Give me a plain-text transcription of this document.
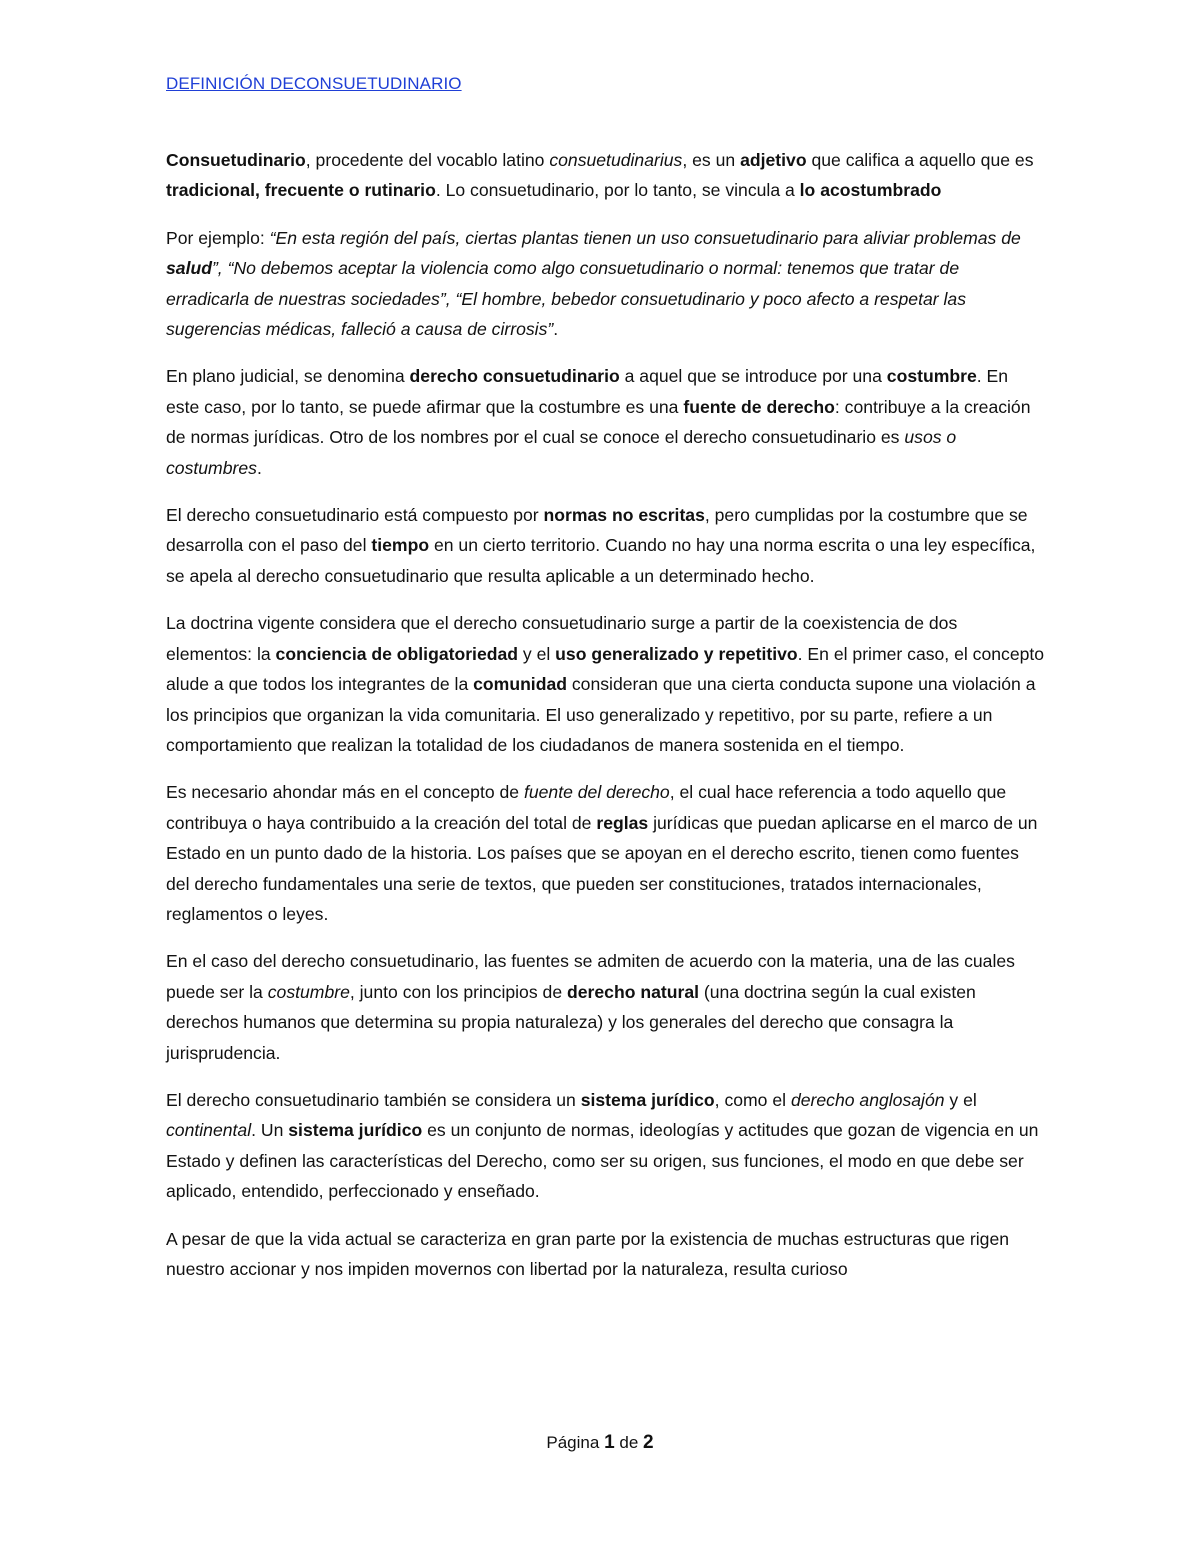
DEFINICIÓN DECONSUETUDINARIO

Consuetudinario, procedente del vocablo latino consuetudinarius, es un adjetivo que califica a aquello que es tradicional, frecuente o rutinario. Lo consuetudinario, por lo tanto, se vincula a lo acostumbrado

Por ejemplo: “En esta región del país, ciertas plantas tienen un uso consuetudinario para aliviar problemas de salud”, “No debemos aceptar la violencia como algo consuetudinario o normal: tenemos que tratar de erradicarla de nuestras sociedades”, “El hombre, bebedor consuetudinario y poco afecto a respetar las sugerencias médicas, falleció a causa de cirrosis”.

En plano judicial, se denomina derecho consuetudinario a aquel que se introduce por una costumbre. En este caso, por lo tanto, se puede afirmar que la costumbre es una fuente de derecho: contribuye a la creación de normas jurídicas. Otro de los nombres por el cual se conoce el derecho consuetudinario es usos o costumbres.

El derecho consuetudinario está compuesto por normas no escritas, pero cumplidas por la costumbre que se desarrolla con el paso del tiempo en un cierto territorio. Cuando no hay una norma escrita o una ley específica, se apela al derecho consuetudinario que resulta aplicable a un determinado hecho.

La doctrina vigente considera que el derecho consuetudinario surge a partir de la coexistencia de dos elementos: la conciencia de obligatoriedad y el uso generalizado y repetitivo. En el primer caso, el concepto alude a que todos los integrantes de la comunidad consideran que una cierta conducta supone una violación a los principios que organizan la vida comunitaria. El uso generalizado y repetitivo, por su parte, refiere a un comportamiento que realizan la totalidad de los ciudadanos de manera sostenida en el tiempo.

Es necesario ahondar más en el concepto de fuente del derecho, el cual hace referencia a todo aquello que contribuya o haya contribuido a la creación del total de reglas jurídicas que puedan aplicarse en el marco de un Estado en un punto dado de la historia. Los países que se apoyan en el derecho escrito, tienen como fuentes del derecho fundamentales una serie de textos, que pueden ser constituciones, tratados internacionales, reglamentos o leyes.

En el caso del derecho consuetudinario, las fuentes se admiten de acuerdo con la materia, una de las cuales puede ser la costumbre, junto con los principios de derecho natural (una doctrina según la cual existen derechos humanos que determina su propia naturaleza) y los generales del derecho que consagra la jurisprudencia.

El derecho consuetudinario también se considera un sistema jurídico, como el derecho anglosajón y el continental. Un sistema jurídico es un conjunto de normas, ideologías y actitudes que gozan de vigencia en un Estado y definen las características del Derecho, como ser su origen, sus funciones, el modo en que debe ser aplicado, entendido, perfeccionado y enseñado.

A pesar de que la vida actual se caracteriza en gran parte por la existencia de muchas estructuras que rigen nuestro accionar y nos impiden movernos con libertad por la naturaleza, resulta curioso

Página 1 de 2
